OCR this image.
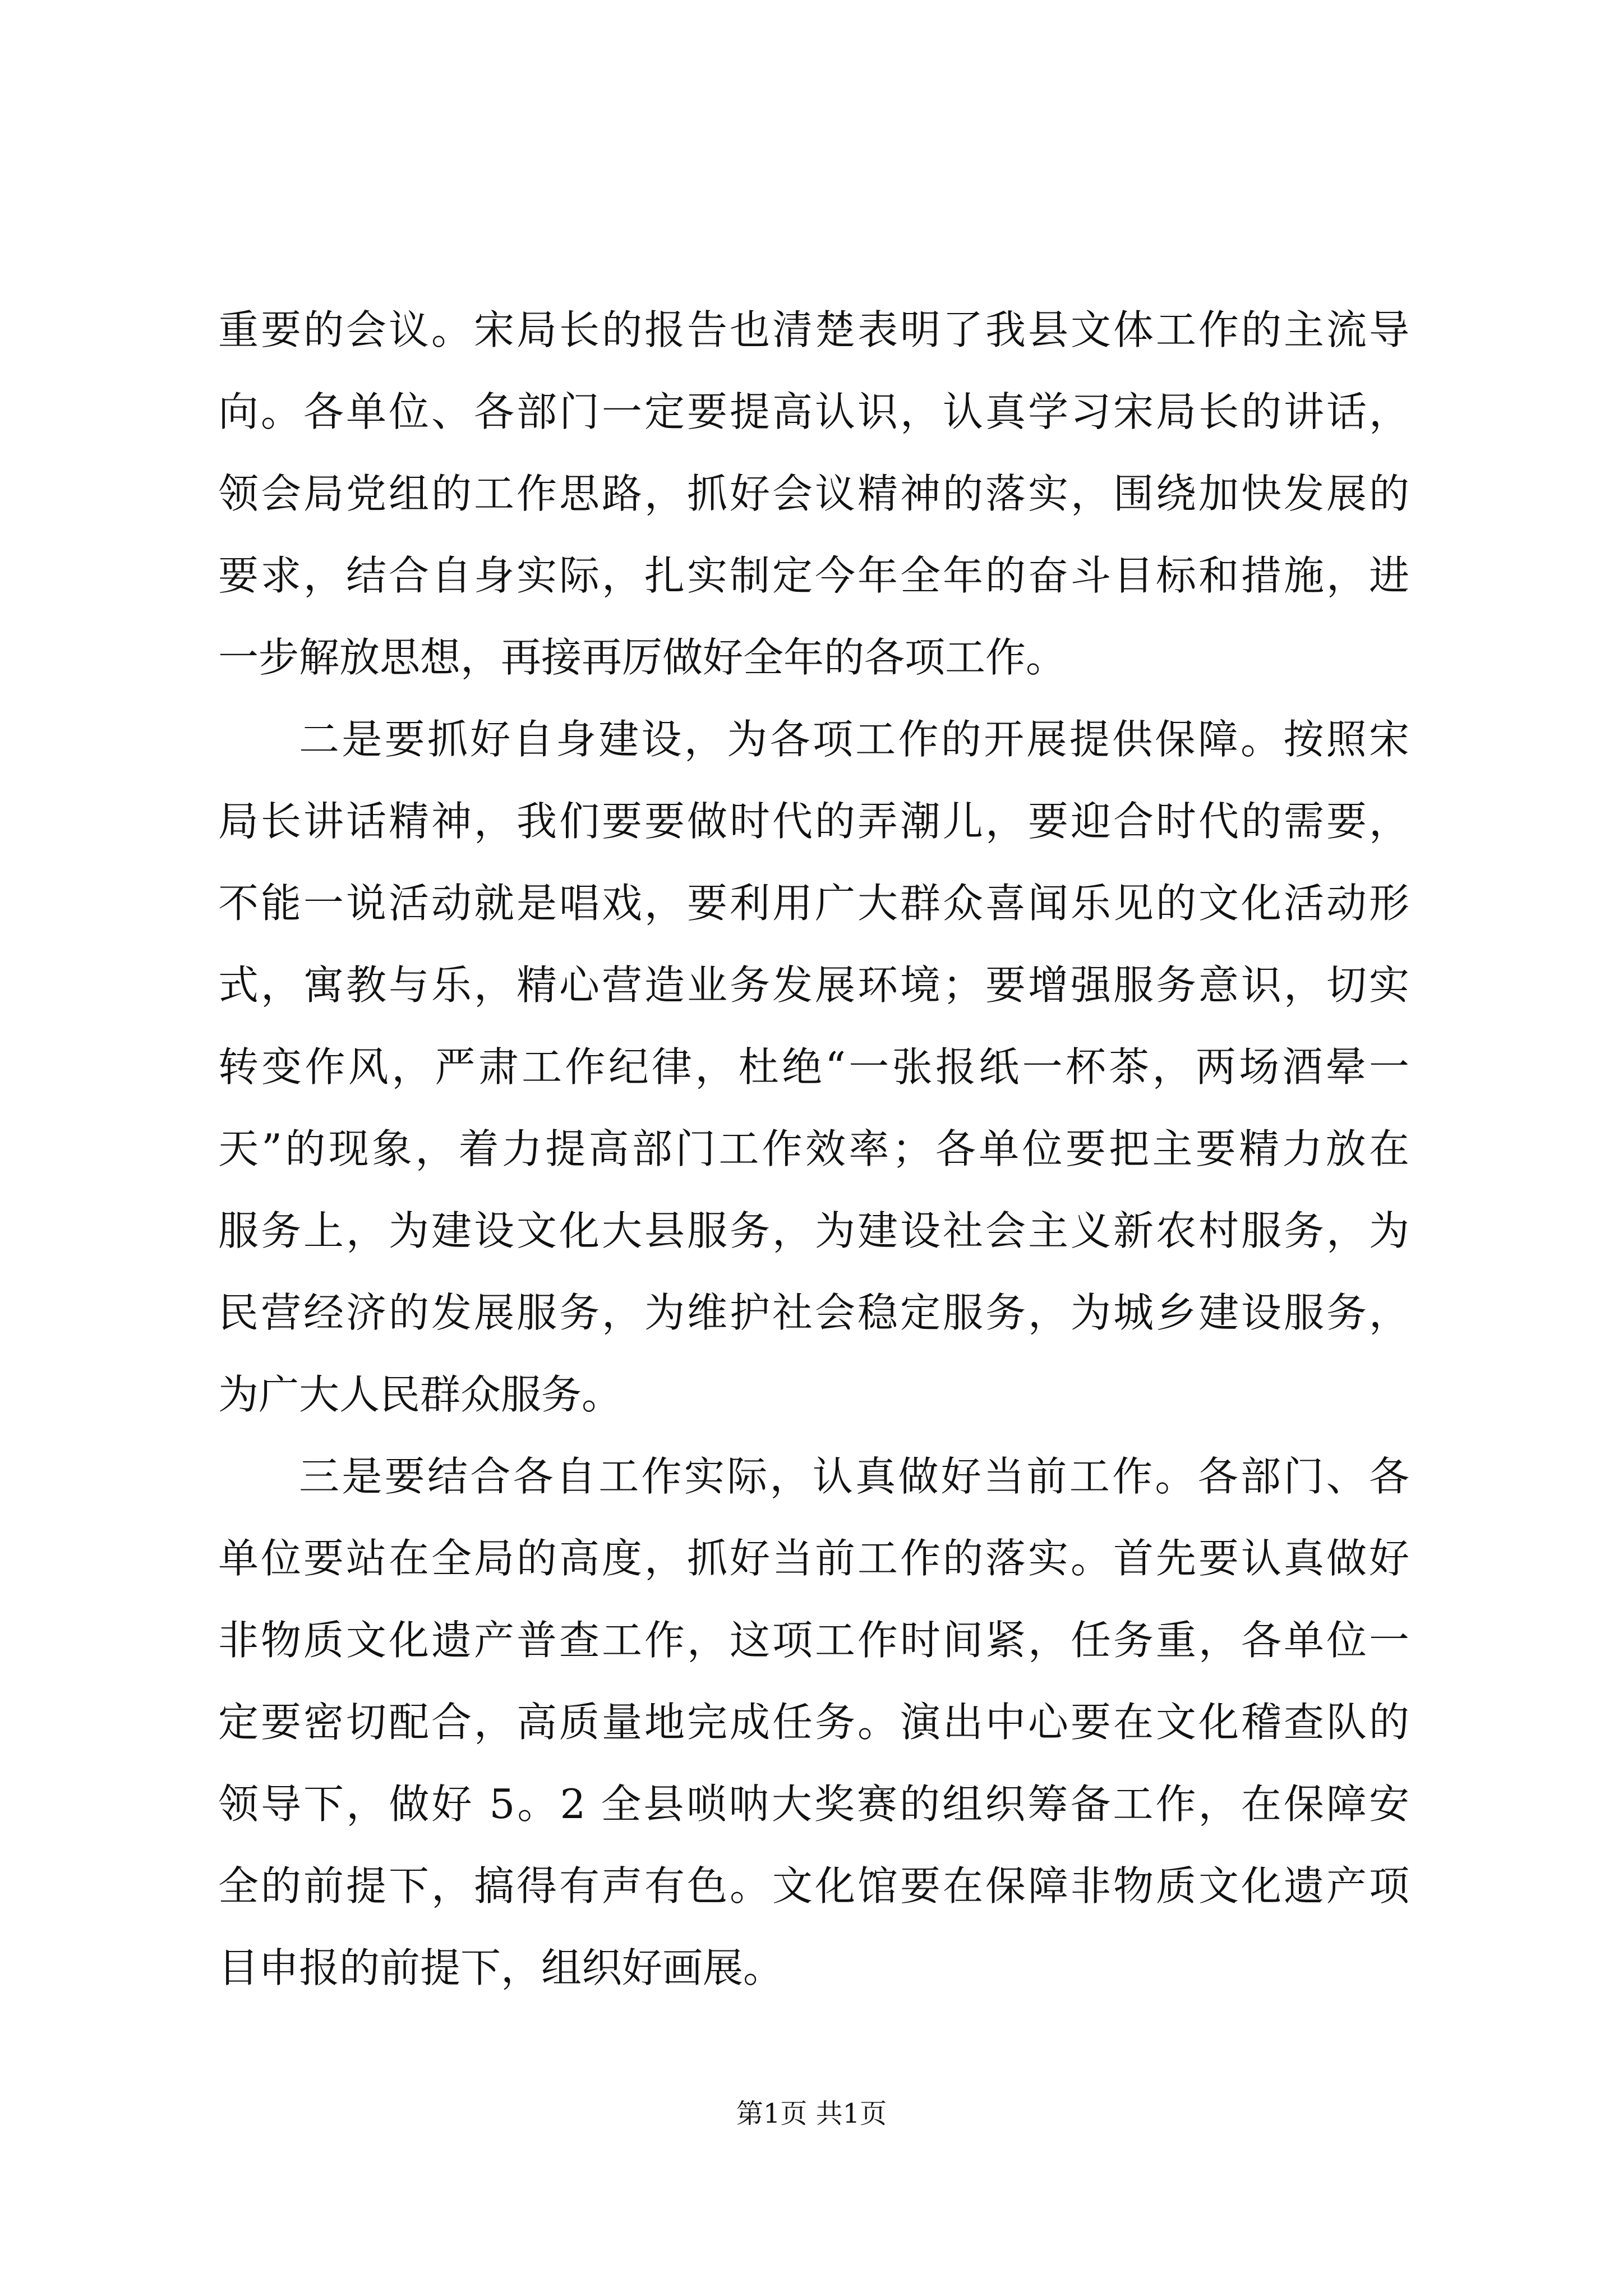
重要的会议。宋局长的报告也清楚表明了我县文体工作的主流导
向。各单位、各部门一定要提高认识，认真学习宋局长的讲话，
领会局党组的工作思路，抓好会议精神的落实，围绕加快发展的
要求，结合自身实际，扎实制定今年全年的奋斗目标和措施，进
一步解放思想，再接再厉做好全年的各项工作。
二是要抓好自身建设，为各项工作的开展提供保障。按照宋
局长讲话精神，我们要要做时代的弄潮儿，要迎合时代的需要，
不能一说活动就是唱戏，要利用广大群众喜闻乐见的文化活动形
式，寓教与乐，精心营造业务发展环境；要增强服务意识，切实
转变作风，严肃工作纪律，杜绝“一张报纸一杯茶，两场酒晕一
天”的现象，着力提高部门工作效率；各单位要把主要精力放在
服务上，为建设文化大县服务，为建设社会主义新农村服务，为
民营经济的发展服务，为维护社会稳定服务，为城乡建设服务，
为广大人民群众服务。
三是要结合各自工作实际，认真做好当前工作。各部门、各
单位要站在全局的高度，抓好当前工作的落实。首先要认真做好
非物质文化遗产普查工作，这项工作时间紧，任务重，各单位一
定要密切配合，高质量地完成任务。演出中心要在文化稽查队的
领导下，做好 5。2 全县唢呐大奖赛的组织筹备工作，在保障安
全的前提下，搞得有声有色。文化馆要在保障非物质文化遗产项
目申报的前提下，组织好画展。
第1页 共1页
